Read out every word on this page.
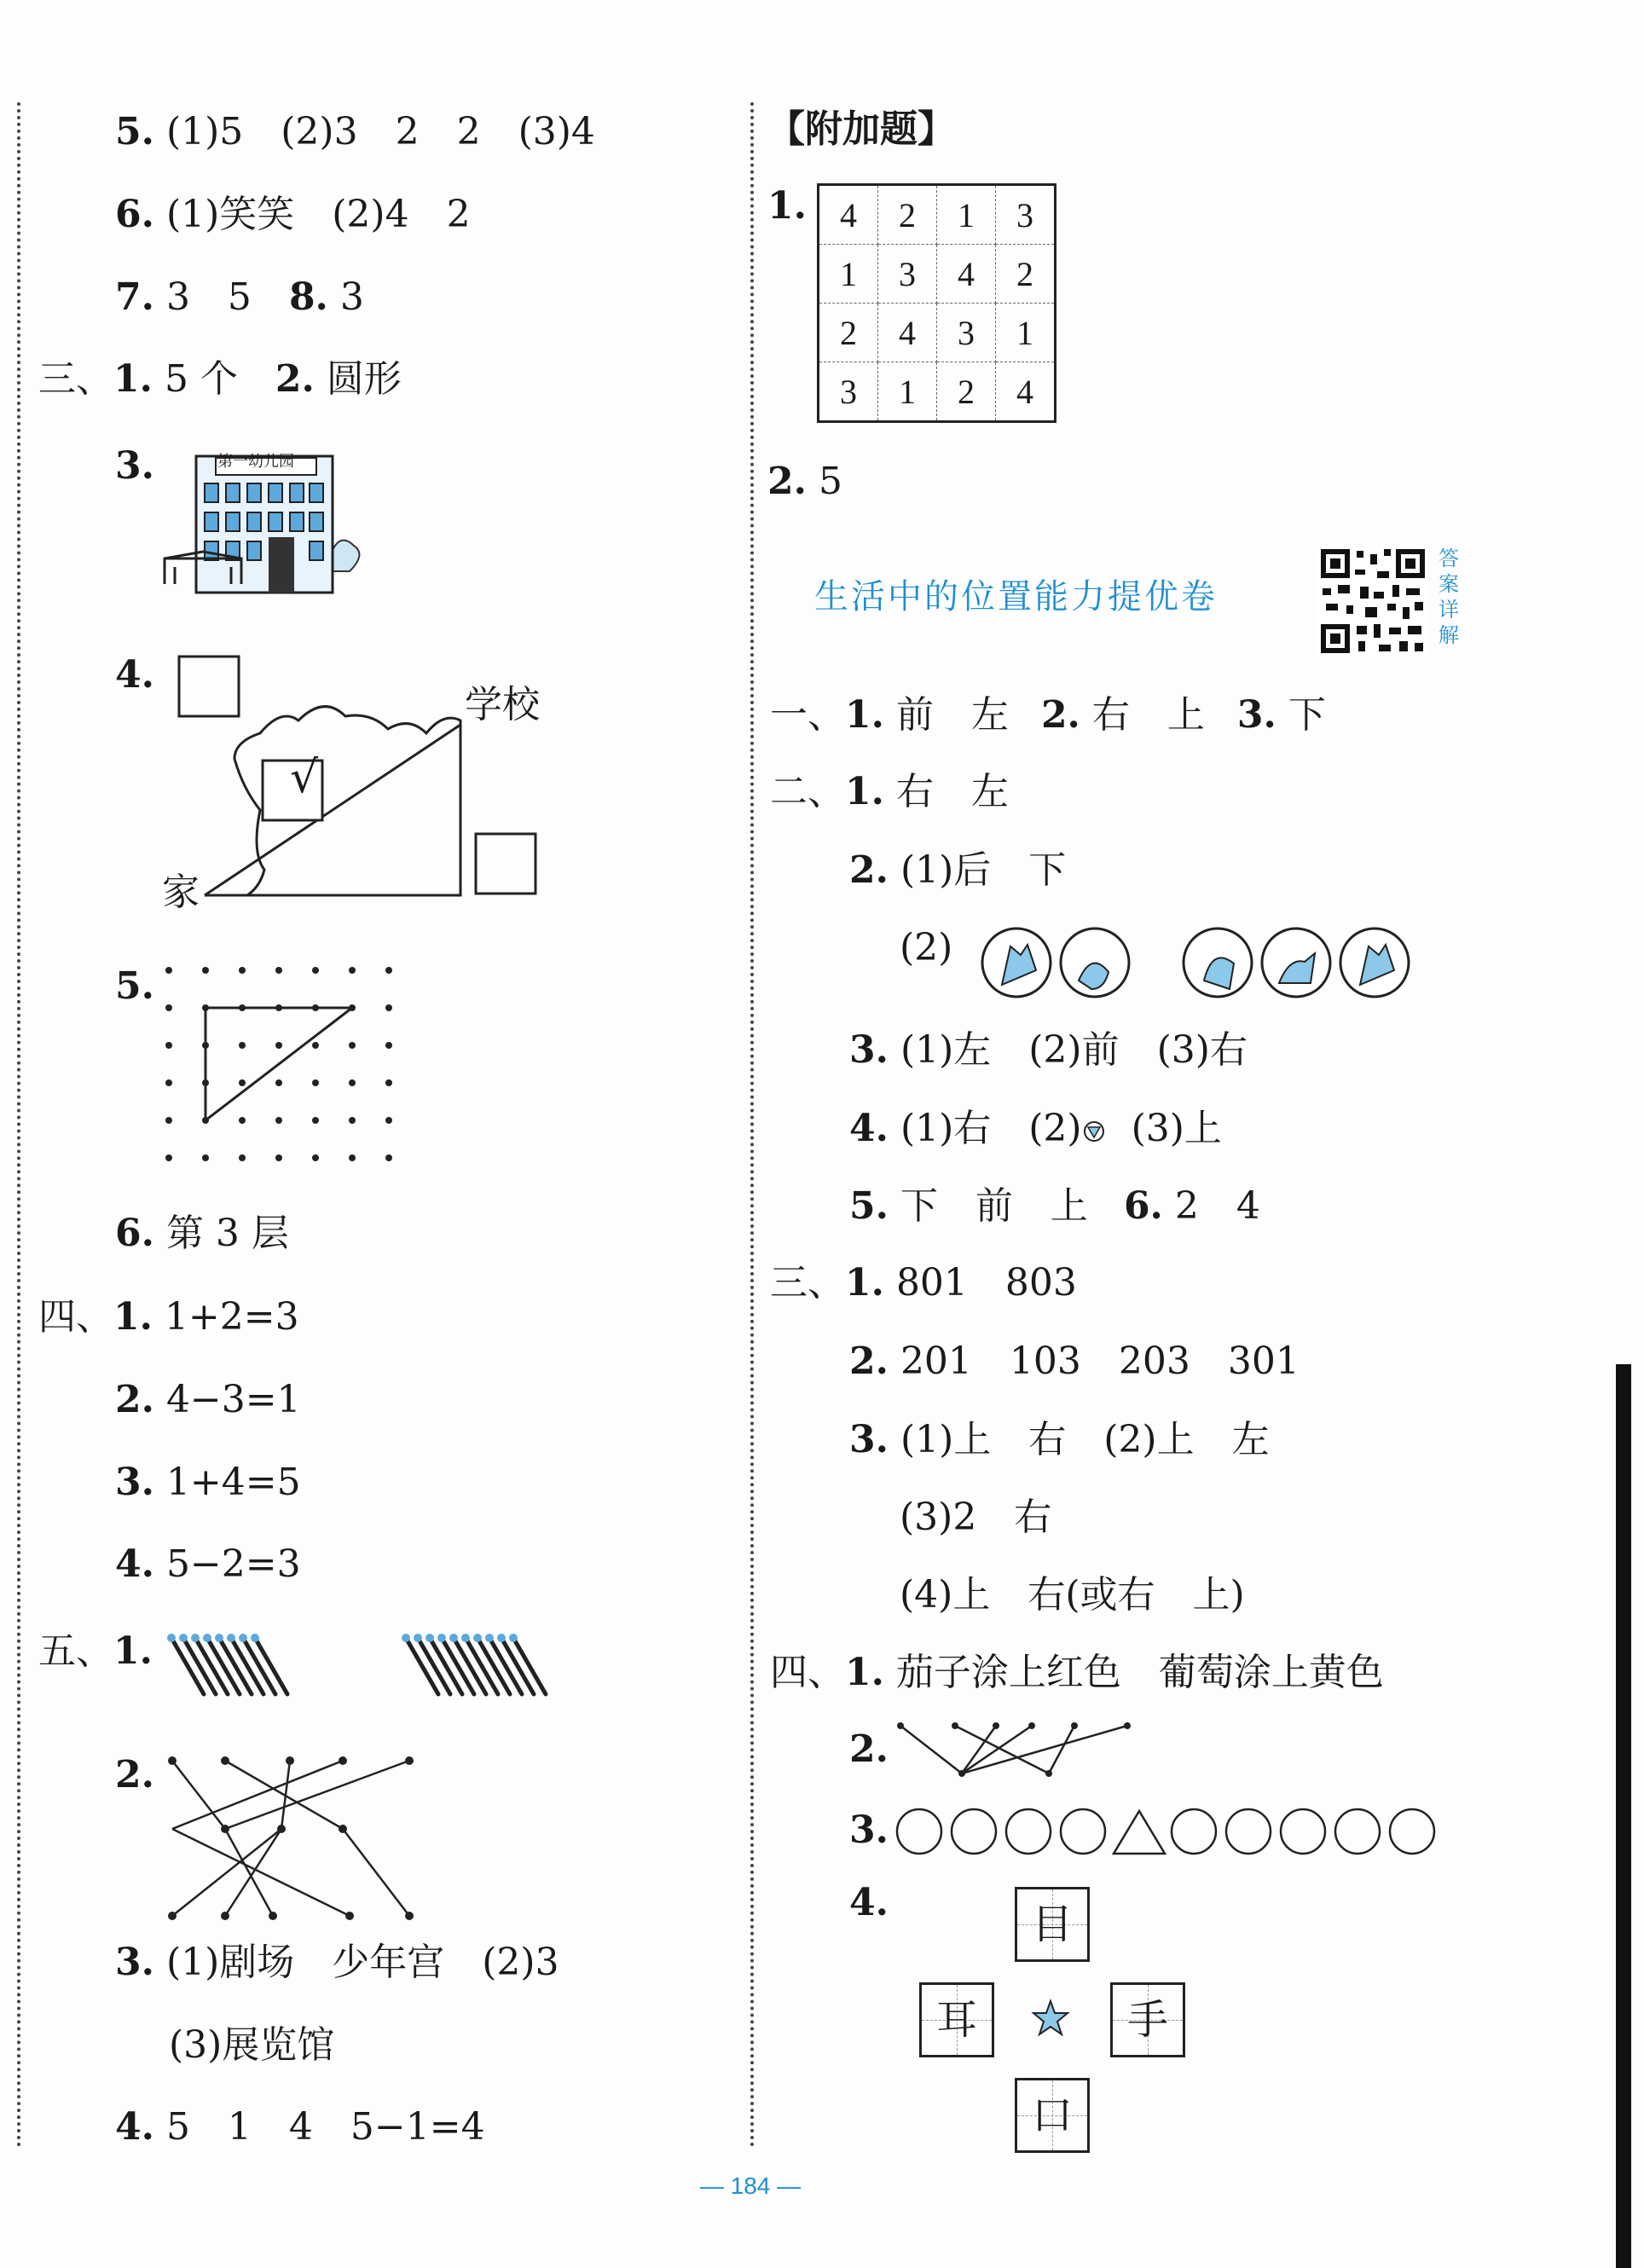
5. (1)5　(2)3　2　2　(3)4
6. (1)笑笑　(2)4　2
7. 3　5 8. 3
三、1. 5 个 2. 圆形
3.	第一幼儿园
4.
√
学校
家
5.
6. 第 3 层
四、1. 1+2=3
2. 4−3=1
3. 1+4=5
4. 5−2=3
五、1.
2.
3. (1)剧场　少年宫　(2)3
(3)展览馆
4. 5　1　4　5−1=4
【附加题】
1. 4	2	1	3
1	3	4	2
2	4	3	1
3	1	2	4
2. 5
生活中的位置能力提优卷
答
案
详
解
一、1. 前　左 2. 右　上 3. 下
二、1. 右　左
2. (1)后　下
(2)
3. (1)左　(2)前　(3)右
4. (1)右　(2) (3)上
5. 下　前　上 6. 2　4
三、1. 801　803
2. 201　103　203　301
3. (1)上　右　(2)上　左
(3)2　右
(4)上　右(或右　上)
四、1. 茄子涂上红色　葡萄涂上黄色
2.
3.
4.	目
耳	手
口
— 184 —
